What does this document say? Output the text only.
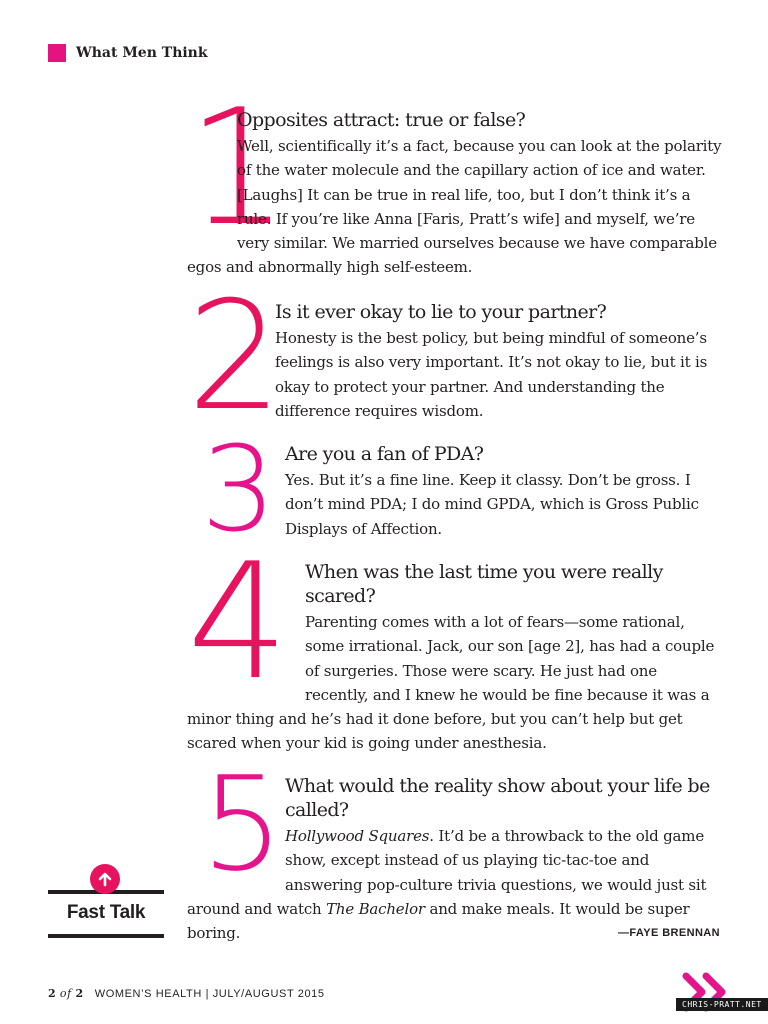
What Men Think
1

Opposites attract: true or false?

Well, scientifically it’s a fact, because you can look at the polarity of the water molecule and the capillary action of ice and water. [Laughs] It can be true in real life, too, but I don’t think it’s a rule. If you’re like Anna [Faris, Pratt’s wife] and myself, we’re very similar. We married ourselves because we have comparable egos and abnormally high self-esteem.

2

Is it ever okay to lie to your partner?

Honesty is the best policy, but being mindful of someone’s feelings is also very important. It’s not okay to lie, but it is okay to protect your partner. And understanding the difference requires wisdom.

3 Are you a fan of PDA?

Yes. But it’s a fine line. Keep it classy. Don’t be gross. I don’t mind PDA; I do mind GPDA, which is Gross Public Displays of Affection.

4 When was the last time you were really scared?

Parenting comes with a lot of fears—some rational, some irrational. Jack, our son [age 2], has had a couple of surgeries. Those were scary. He just had one recently, and I knew he would be fine because it was a minor thing and he’s had it done before, but you can’t help but get scared when your kid is going under anesthesia.

5 What would the reality show about your life be called?

Hollywood Squares. It’d be a throwback to the old game show, except instead of us playing tic-tac-toe and answering pop-culture trivia questions, we would just sit around and watch The Bachelor and make meals. It would be super boring.

Fast Talk
—FAYE BRENNAN
2 of 2 WOMEN’S HEALTH | JULY/AUGUST 2015
CHRIS-PRATT.NET
